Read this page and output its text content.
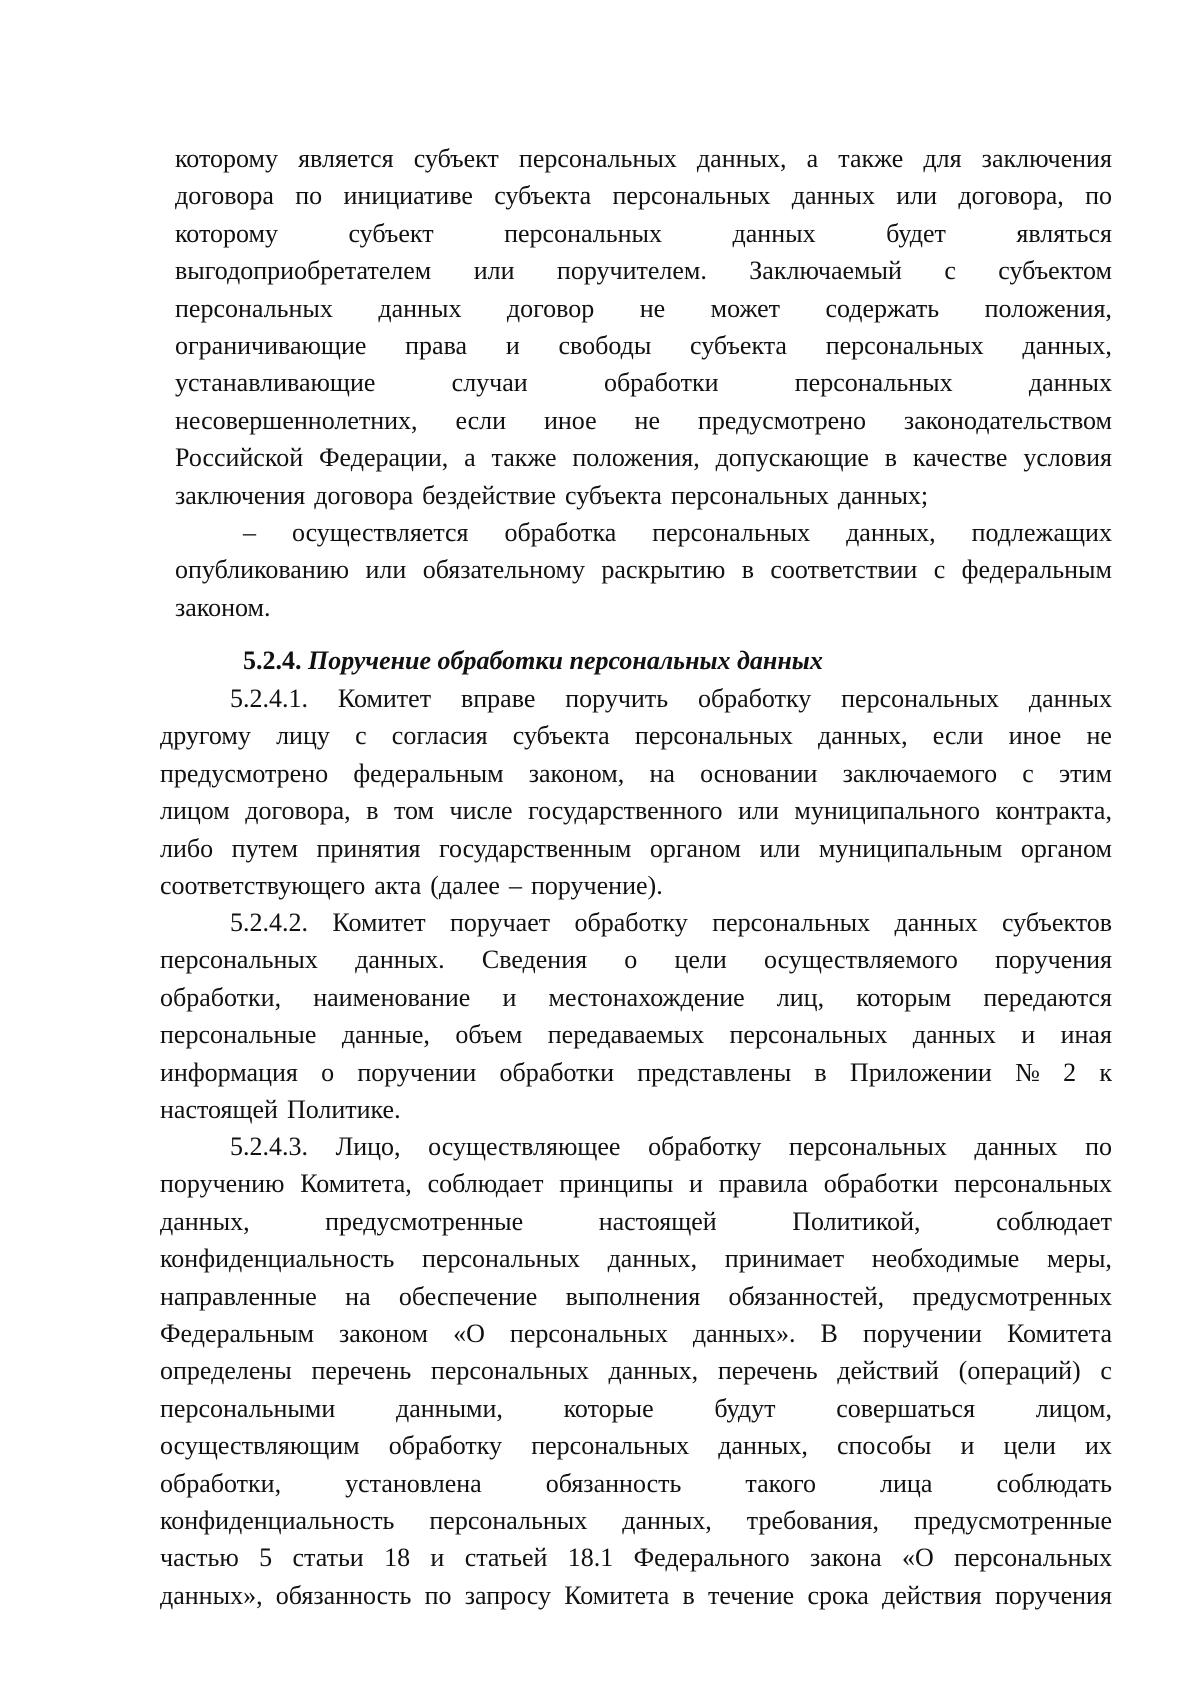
которому является субъект персональных данных, а также для заключения
договора по инициативе субъекта персональных данных или договора, по
которому	субъект	персональных	данных	будет	являться
выгодоприобретателем или поручителем. Заключаемый с субъектом
персональных данных договор не может содержать положения,
ограничивающие права и свободы субъекта персональных данных,
устанавливающие	случаи	обработки	персональных	данных
несовершеннолетних, если иное не предусмотрено законодательством
Российской Федерации, а также положения, допускающие в качестве условия
заключения договора бездействие субъекта персональных данных;
– осуществляется обработка персональных данных, подлежащих
опубликованию или обязательному раскрытию в соответствии с федеральным
законом.
5.2.4.
Поручение обработки персональных данных
5.2.4.1. Комитет вправе поручить обработку персональных данных
другому лицу с согласия субъекта персональных данных, если иное не
предусмотрено федеральным законом, на основании заключаемого с этим
лицом договора, в том числе государственного или муниципального контракта,
либо путем принятия государственным органом или муниципальным органом
соответствующего акта (далее – поручение).
5.2.4.2. Комитет поручает обработку персональных данных субъектов
персональных данных. Сведения о цели осуществляемого поручения
обработки, наименование и местонахождение лиц, которым передаются
персональные данные, объем передаваемых персональных данных и иная
информация о поручении обработки представлены в Приложении № 2 к
настоящей Политике.
5.2.4.3. Лицо, осуществляющее обработку персональных данных по
поручению Комитета, соблюдает принципы и правила обработки персональных
данных,	предусмотренные	настоящей	Политикой,	соблюдает
конфиденциальность персональных данных, принимает необходимые меры,
направленные на обеспечение выполнения обязанностей, предусмотренных
Федеральным законом «О персональных данных». В поручении Комитета
определены перечень персональных данных, перечень действий (операций) с
персональными данными, которые будут совершаться лицом,
осуществляющим обработку персональных данных, способы и цели их
обработки, установлена обязанность такого лица соблюдать
конфиденциальность персональных данных, требования, предусмотренные
частью 5 статьи 18 и статьей 18.1 Федерального закона «О персональных
данных», обязанность по запросу Комитета в течение срока действия поручения
